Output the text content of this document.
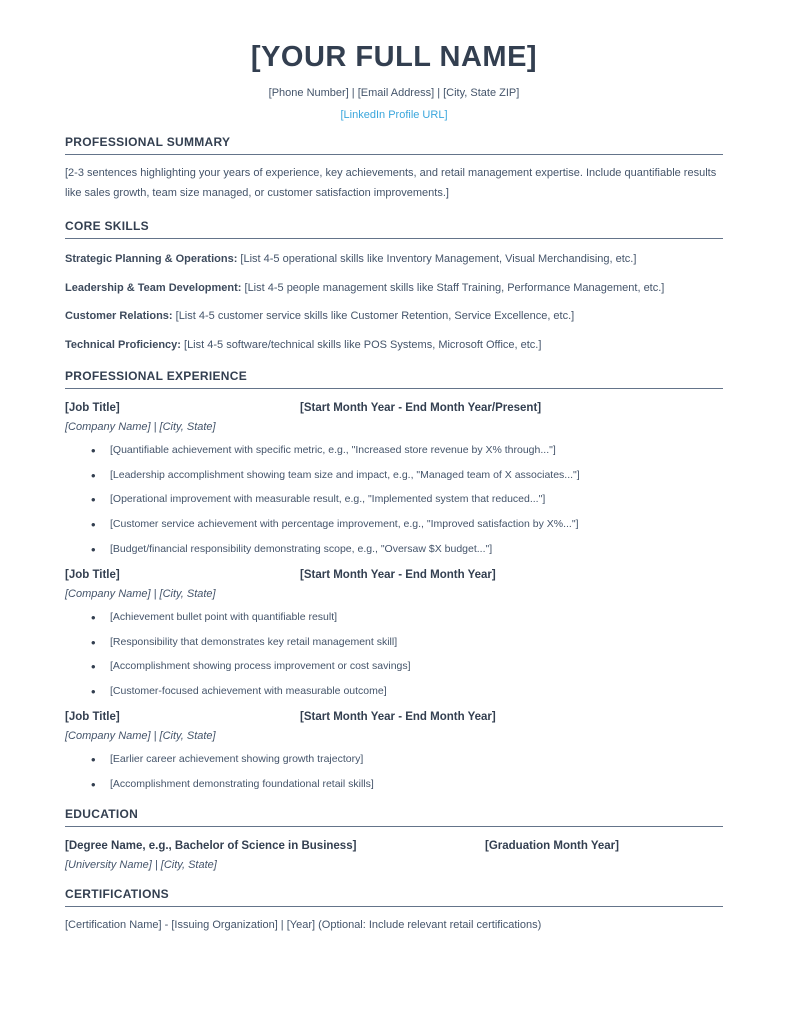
[YOUR FULL NAME]

[Phone Number] | [Email Address] | [City, State ZIP]

[LinkedIn Profile URL]

PROFESSIONAL SUMMARY

[2-3 sentences highlighting your years of experience, key achievements, and retail management expertise. Include quantifiable results like sales growth, team size managed, or customer satisfaction improvements.]

CORE SKILLS

Strategic Planning & Operations: [List 4-5 operational skills like Inventory Management, Visual Merchandising, etc.]

Leadership & Team Development: [List 4-5 people management skills like Staff Training, Performance Management, etc.]

Customer Relations: [List 4-5 customer service skills like Customer Retention, Service Excellence, etc.]

Technical Proficiency: [List 4-5 software/technical skills like POS Systems, Microsoft Office, etc.]

PROFESSIONAL EXPERIENCE
[Job Title]	[Start Month Year - End Month Year/Present]

[Company Name] | [City, State]

• [Quantifiable achievement with specific metric, e.g., "Increased store revenue by X% through..."]
• [Leadership accomplishment showing team size and impact, e.g., "Managed team of X associates..."]
• [Operational improvement with measurable result, e.g., "Implemented system that reduced..."]
• [Customer service achievement with percentage improvement, e.g., "Improved satisfaction by X%..."]
• [Budget/financial responsibility demonstrating scope, e.g., "Oversaw $X budget..."]
[Job Title]	[Start Month Year - End Month Year]

[Company Name] | [City, State]

• [Achievement bullet point with quantifiable result]
• [Responsibility that demonstrates key retail management skill]
• [Accomplishment showing process improvement or cost savings]
• [Customer-focused achievement with measurable outcome]
[Job Title]	[Start Month Year - End Month Year]

[Company Name] | [City, State]

• [Earlier career achievement showing growth trajectory]
• [Accomplishment demonstrating foundational retail skills]
EDUCATION
[Degree Name, e.g., Bachelor of Science in Business]	[Graduation Month Year]

[University Name] | [City, State]

CERTIFICATIONS

[Certification Name] - [Issuing Organization] | [Year] (Optional: Include relevant retail certifications)
